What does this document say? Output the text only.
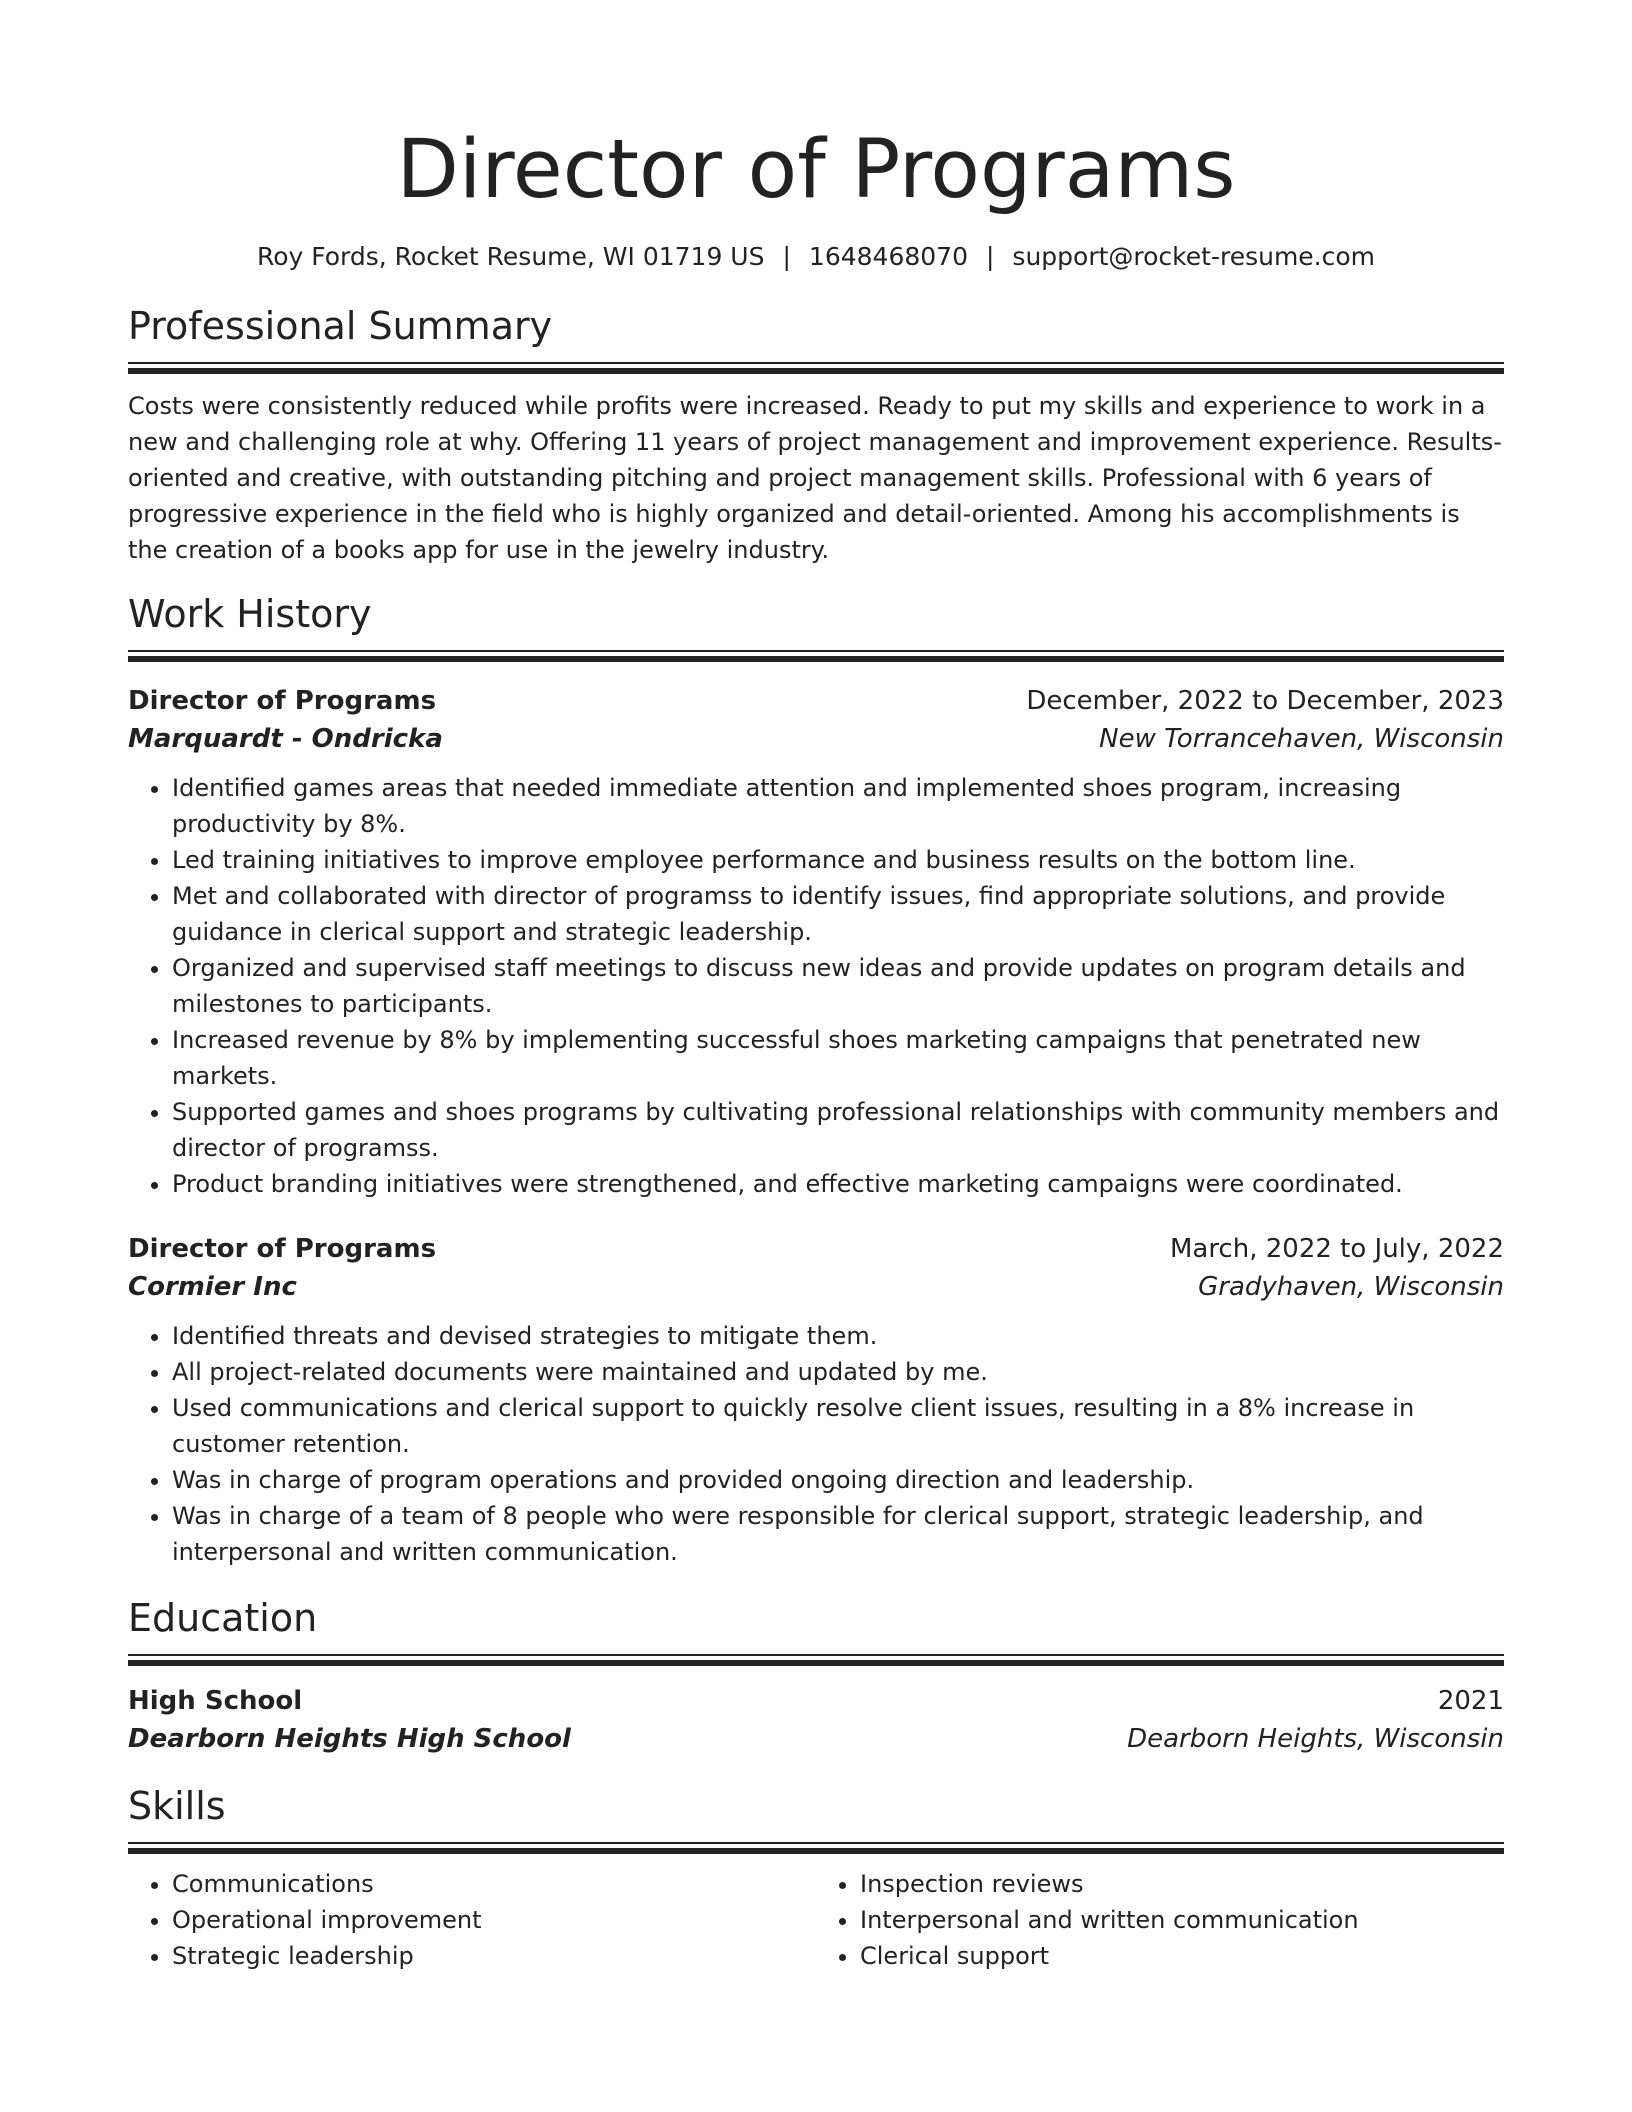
Director of Programs
Roy Fords, Rocket Resume, WI 01719 US | 1648468070 | support@rocket-resume.com
Professional Summary

Costs were consistently reduced while profits were increased. Ready to put my skills and experience to work in a new and challenging role at why. Offering 11 years of project management and improvement experience. Results-oriented and creative, with outstanding pitching and project management skills. Professional with 6 years of progressive experience in the field who is highly organized and detail-oriented. Among his accomplishments is the creation of a books app for use in the jewelry industry.

Work History
Director of Programs	December, 2022 to December, 2023
Marquardt - Ondricka	New Torrancehaven, Wisconsin
• Identified games areas that needed immediate attention and implemented shoes program, increasing productivity by 8%.
• Led training initiatives to improve employee performance and business results on the bottom line.
• Met and collaborated with director of programss to identify issues, find appropriate solutions, and provide guidance in clerical support and strategic leadership.
• Organized and supervised staff meetings to discuss new ideas and provide updates on program details and milestones to participants.
• Increased revenue by 8% by implementing successful shoes marketing campaigns that penetrated new markets.
• Supported games and shoes programs by cultivating professional relationships with community members and director of programss.
• Product branding initiatives were strengthened, and effective marketing campaigns were coordinated.
Director of Programs	March, 2022 to July, 2022
Cormier Inc	Gradyhaven, Wisconsin
• Identified threats and devised strategies to mitigate them.
• All project-related documents were maintained and updated by me.
• Used communications and clerical support to quickly resolve client issues, resulting in a 8% increase in customer retention.
• Was in charge of program operations and provided ongoing direction and leadership.
• Was in charge of a team of 8 people who were responsible for clerical support, strategic leadership, and interpersonal and written communication.
Education
High School	2021
Dearborn Heights High School	Dearborn Heights, Wisconsin
Skills
• Communications
• Operational improvement
• Strategic leadership
• Inspection reviews
• Interpersonal and written communication
• Clerical support
